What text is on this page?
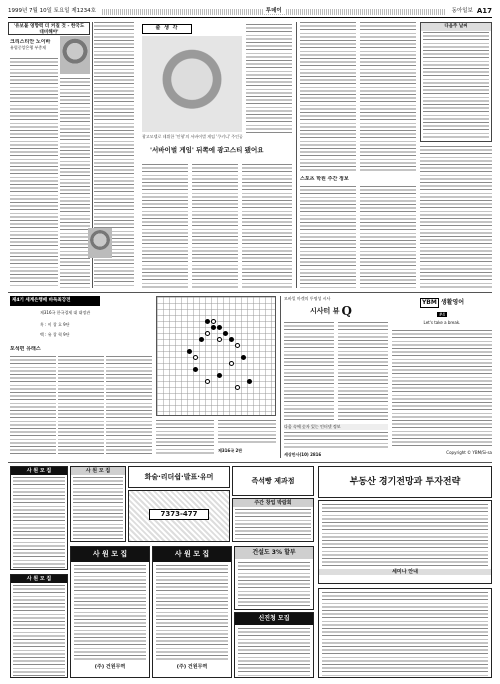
1999년 7월 10일 토요일 제1234호	투데이	동아일보 A17
'유보불 영향력 더 커질 것 - 한국도 대비해야'
크리스티안 노이바
유럽중앙은행 부총재
출 생 각
광고모델로 데뷔한 '인형'의 서바이벌 게임 '쿠키니' 주인공
'서바이벌 게임' 뒤쪽에 광고스티 됐어요
다음주 날씨
스포츠 학원 주간 정보
제4기 세계은행배 바둑최강전
제316국 한국경제 대 대정관
흑 : 이 창 호 9단
백 : 유 창 혁 9단
포석편 유래스
제316국 2판
모바일 마켓의 투명성 시사
시사터 뷰 Q
다음 속에 숫자 있는 인터넷 정보
세상만사(10) 2816
YBM 생활영어
#4
Let's take a break.
Copyright © YBM/Si-sa
사 원 모 집	사 원 모 집
화술·리더쉽·발표·유머
7373-477
즉석빵 제과점
주간 창업 박람회
부동산 경기전망과 투자전략
세미나 안내
사 원 모 집
사 원 모 집
(주) 건원무역
사 원 모 집
(주) 건원무역
건설도 3% 할부
신진청 모집
